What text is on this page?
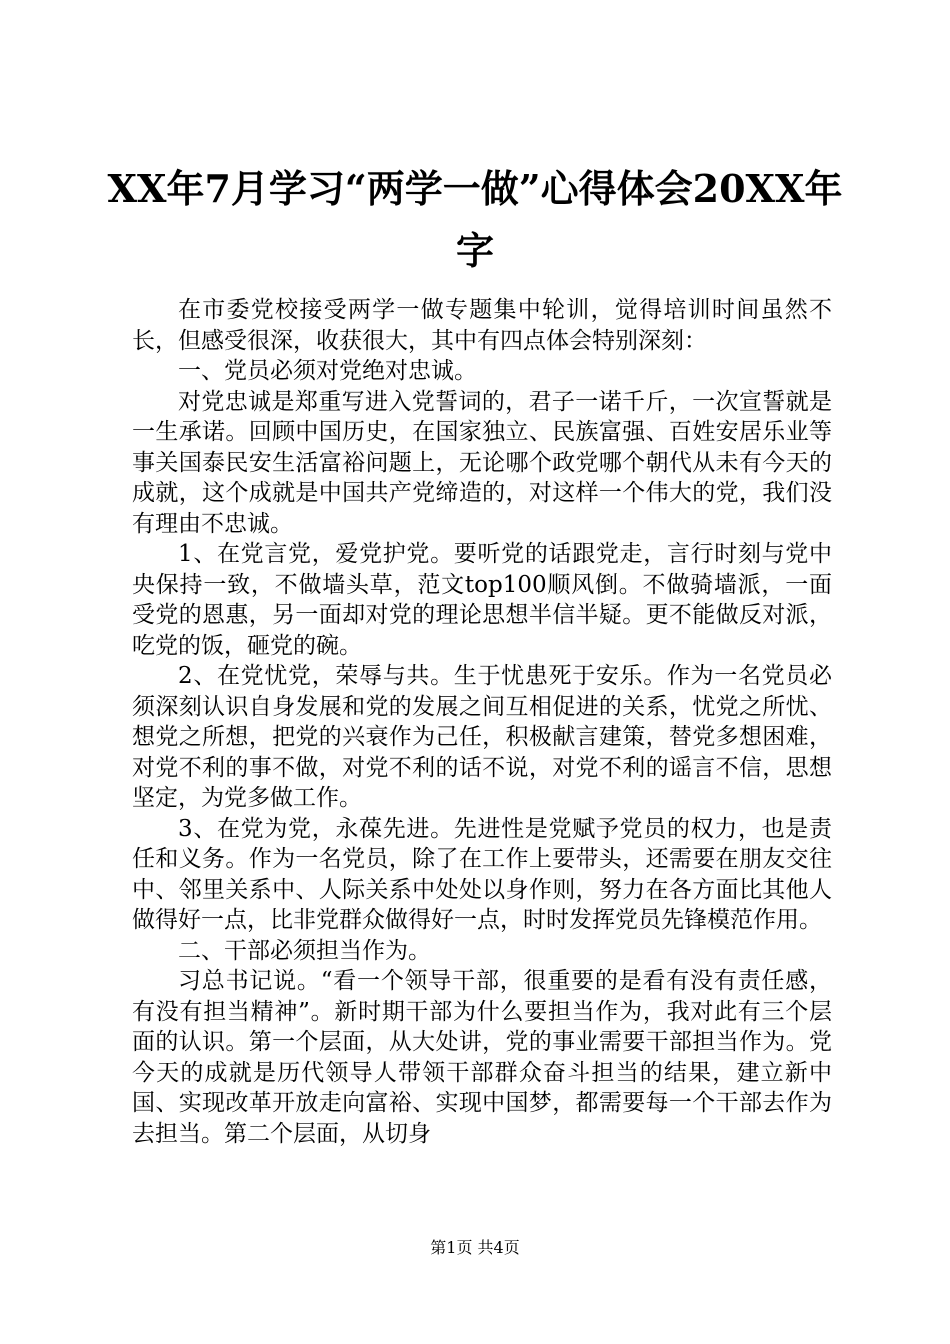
XX年7月学习“两学一做”心得体会20XX年字

在市委党校接受两学一做专题集中轮训，觉得培训时间虽然不长，但感受很深，收获很大，其中有四点体会特别深刻：

一、党员必须对党绝对忠诚。

对党忠诚是郑重写进入党誓词的，君子一诺千斤，一次宣誓就是一生承诺。回顾中国历史，在国家独立、民族富强、百姓安居乐业等事关国泰民安生活富裕问题上，无论哪个政党哪个朝代从未有今天的成就，这个成就是中国共产党缔造的，对这样一个伟大的党，我们没有理由不忠诚。

1、在党言党，爱党护党。要听党的话跟党走，言行时刻与党中央保持一致，不做墙头草，范文top100顺风倒。不做骑墙派，一面受党的恩惠，另一面却对党的理论思想半信半疑。更不能做反对派，吃党的饭，砸党的碗。

2、在党忧党，荣辱与共。生于忧患死于安乐。作为一名党员必须深刻认识自身发展和党的发展之间互相促进的关系，忧党之所忧、想党之所想，把党的兴衰作为己任，积极献言建策，替党多想困难，对党不利的事不做，对党不利的话不说，对党不利的谣言不信，思想坚定，为党多做工作。

3、在党为党，永葆先进。先进性是党赋予党员的权力，也是责任和义务。作为一名党员，除了在工作上要带头，还需要在朋友交往中、邻里关系中、人际关系中处处以身作则，努力在各方面比其他人做得好一点，比非党群众做得好一点，时时发挥党员先锋模范作用。

二、干部必须担当作为。

习总书记说。“看一个领导干部，很重要的是看有没有责任感，有没有担当精神”。新时期干部为什么要担当作为，我对此有三个层面的认识。第一个层面，从大处讲，党的事业需要干部担当作为。党今天的成就是历代领导人带领干部群众奋斗担当的结果，建立新中国、实现改革开放走向富裕、实现中国梦，都需要每一个干部去作为去担当。第二个层面，从切身

第1页 共4页
